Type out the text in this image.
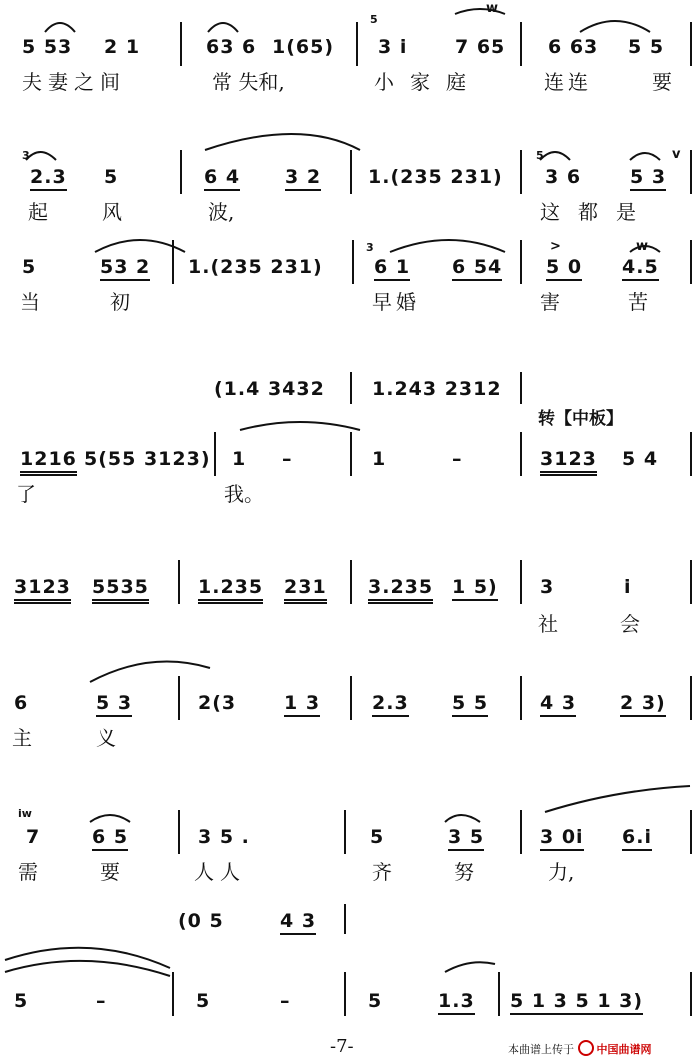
5
w
5 53 2 1	63 6 1(65) 3 i	7 65 6 63 5 5
夫妻之间	常 失和,	小家庭	连连	要
3	5	v
2.3 5	6 4 3 2 1.(235 231) 3 6	5 3
起	风	波,	这都是
3	>	w
5	53 2 1.(235 231)	6 1 6 54 5 0 4.5
当	初	早婚	害	苦
(1.4 3432 1.243 2312
转【中板】
1216 5(55 3123) 1 –	1	–	3123 5 4
了	我。
3123 5535	1.235 231 3.235 1 5) 3	i
社	会
6	5 3	2(3	1 3	2.3 5 5	4 3 2 3)
主	义
iw
7	6 5	3 5 .	5	3 5	3 0i 6.i
需	要	人人	齐	努	力,
(0 5	4 3
5	–	5	–	5	1.3 5 1 3 5 1 3)
-7-	本曲谱上传于 中国曲谱网
